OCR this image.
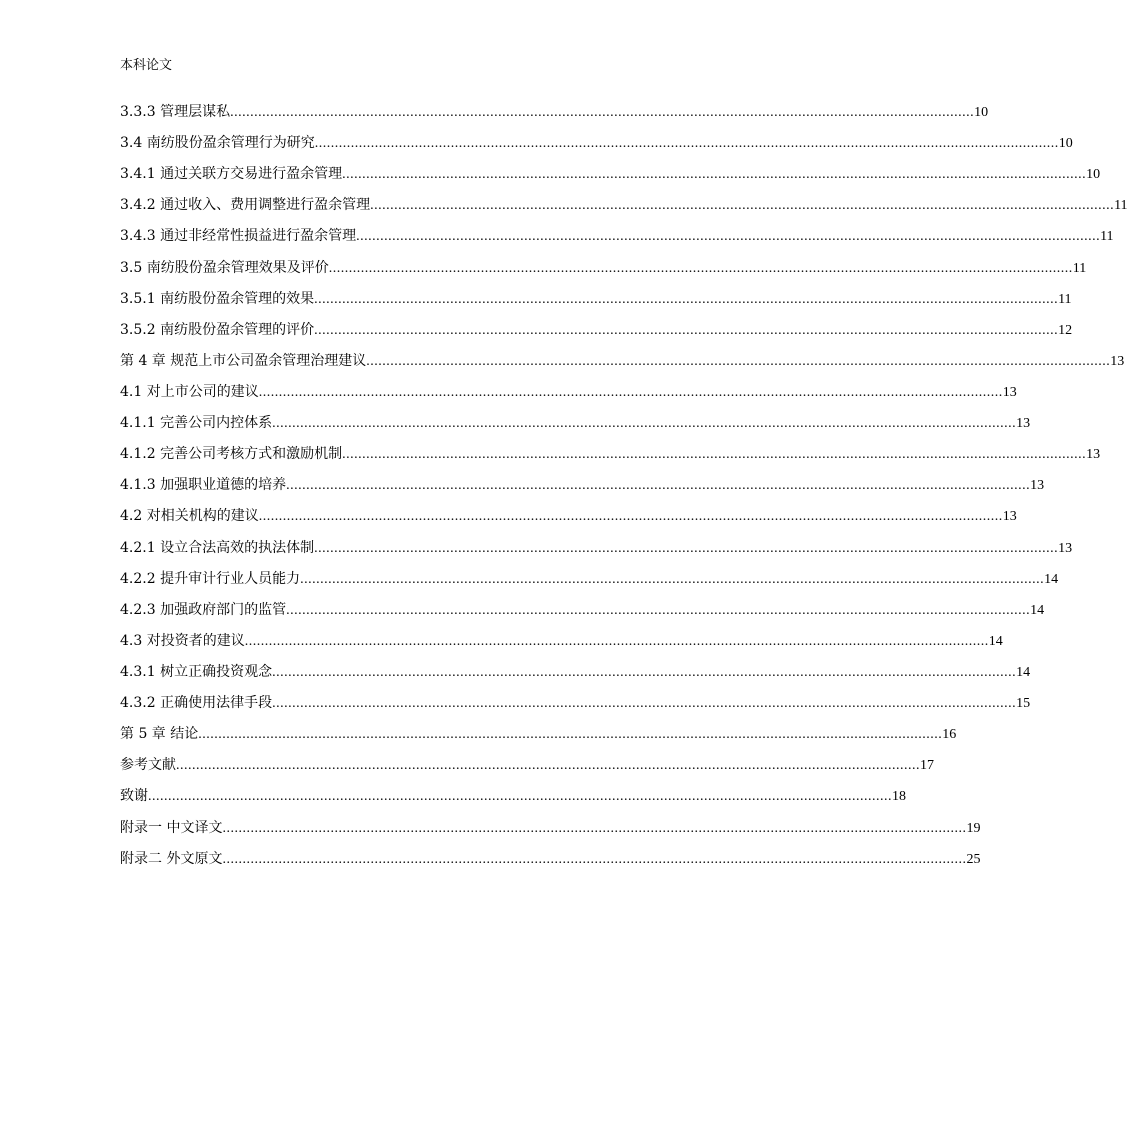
本科论文
3.3.3 管理层谋私 .......................................................................................................................................................................................... 10
3.4 南纺股份盈余管理行为研究 .......................................................................................................................................................................................... 10
3.4.1 通过关联方交易进行盈余管理 .......................................................................................................................................................................................... 10
3.4.2 通过收入、费用调整进行盈余管理 .......................................................................................................................................................................................... 11
3.4.3 通过非经常性损益进行盈余管理 .......................................................................................................................................................................................... 11
3.5 南纺股份盈余管理效果及评价 .......................................................................................................................................................................................... 11
3.5.1 南纺股份盈余管理的效果 .......................................................................................................................................................................................... 11
3.5.2 南纺股份盈余管理的评价 .......................................................................................................................................................................................... 12
第 4 章 规范上市公司盈余管理治理建议 .......................................................................................................................................................................................... 13
4.1 对上市公司的建议 .......................................................................................................................................................................................... 13
4.1.1 完善公司内控体系 .......................................................................................................................................................................................... 13
4.1.2 完善公司考核方式和激励机制 .......................................................................................................................................................................................... 13
4.1.3 加强职业道德的培养 .......................................................................................................................................................................................... 13
4.2 对相关机构的建议 .......................................................................................................................................................................................... 13
4.2.1 设立合法高效的执法体制 .......................................................................................................................................................................................... 13
4.2.2 提升审计行业人员能力 .......................................................................................................................................................................................... 14
4.2.3 加强政府部门的监管 .......................................................................................................................................................................................... 14
4.3 对投资者的建议 .......................................................................................................................................................................................... 14
4.3.1 树立正确投资观念 .......................................................................................................................................................................................... 14
4.3.2 正确使用法律手段 .......................................................................................................................................................................................... 15
第 5 章 结论 .......................................................................................................................................................................................... 16
参考文献 .......................................................................................................................................................................................... 17
致谢 .......................................................................................................................................................................................... 18
附录一 中文译文 .......................................................................................................................................................................................... 19
附录二 外文原文 .......................................................................................................................................................................................... 25
